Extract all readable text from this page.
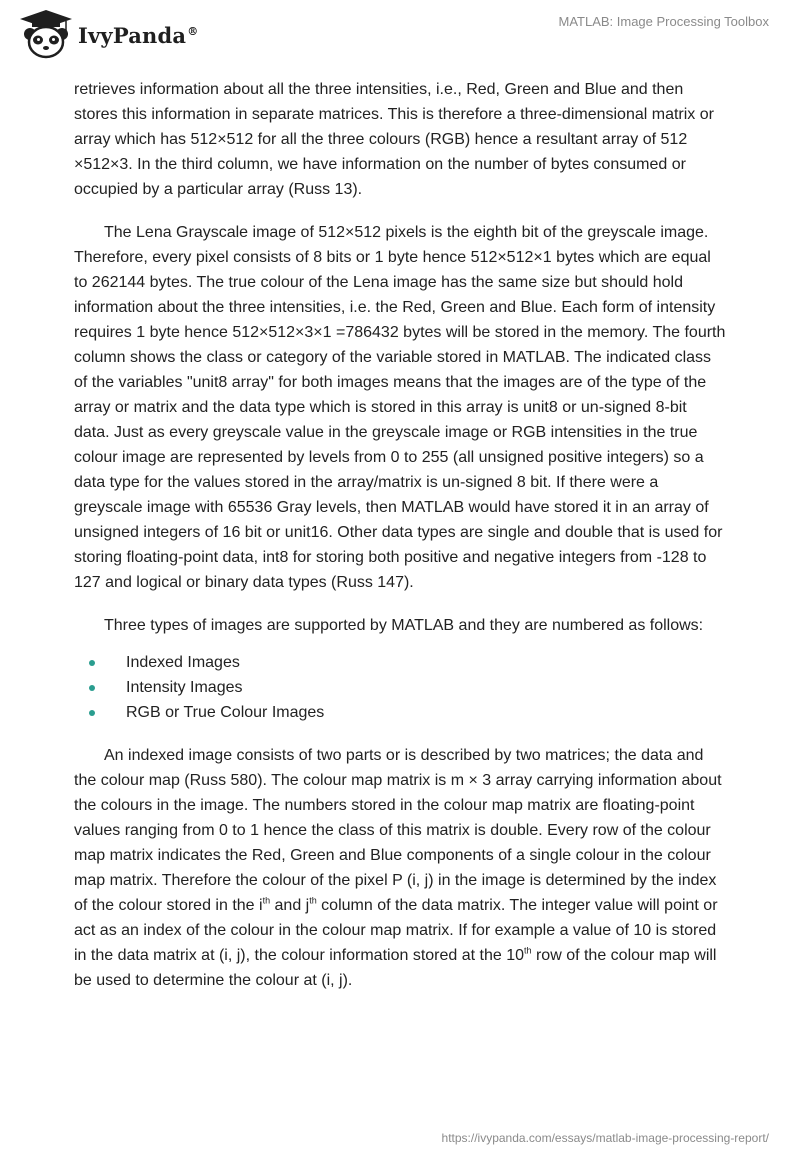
IvyPanda®
MATLAB: Image Processing Toolbox

retrieves information about all the three intensities, i.e., Red, Green and Blue and then stores this information in separate matrices. This is therefore a three-dimensional matrix or array which has 512×512 for all the three colours (RGB) hence a resultant array of 512 ×512×3. In the third column, we have information on the number of bytes consumed or occupied by a particular array (Russ 13).

The Lena Grayscale image of 512×512 pixels is the eighth bit of the greyscale image. Therefore, every pixel consists of 8 bits or 1 byte hence 512×512×1 bytes which are equal to 262144 bytes. The true colour of the Lena image has the same size but should hold information about the three intensities, i.e. the Red, Green and Blue. Each form of intensity requires 1 byte hence 512×512×3×1 =786432 bytes will be stored in the memory. The fourth column shows the class or category of the variable stored in MATLAB. The indicated class of the variables "unit8 array" for both images means that the images are of the type of the array or matrix and the data type which is stored in this array is unit8 or un-signed 8-bit data. Just as every greyscale value in the greyscale image or RGB intensities in the true colour image are represented by levels from 0 to 255 (all unsigned positive integers) so a data type for the values stored in the array/matrix is un-signed 8 bit. If there were a greyscale image with 65536 Gray levels, then MATLAB would have stored it in an array of unsigned integers of 16 bit or unit16. Other data types are single and double that is used for storing floating-point data, int8 for storing both positive and negative integers from -128 to 127 and logical or binary data types (Russ 147).

Three types of images are supported by MATLAB and they are numbered as follows:

Indexed Images
Intensity Images
RGB or True Colour Images

An indexed image consists of two parts or is described by two matrices; the data and the colour map (Russ 580). The colour map matrix is m × 3 array carrying information about the colours in the image. The numbers stored in the colour map matrix are floating-point values ranging from 0 to 1 hence the class of this matrix is double. Every row of the colour map matrix indicates the Red, Green and Blue components of a single colour in the colour map matrix. Therefore the colour of the pixel P (i, j) in the image is determined by the index of the colour stored in the $i^{th}$ and $j^{th}$ column of the data matrix. The integer value will point or act as an index of the colour in the colour map matrix. If for example a value of 10 is stored in the data matrix at (i, j), the colour information stored at the 10th row of the colour map will be used to determine the colour at (i, j).

https://ivypanda.com/essays/matlab-image-processing-report/
